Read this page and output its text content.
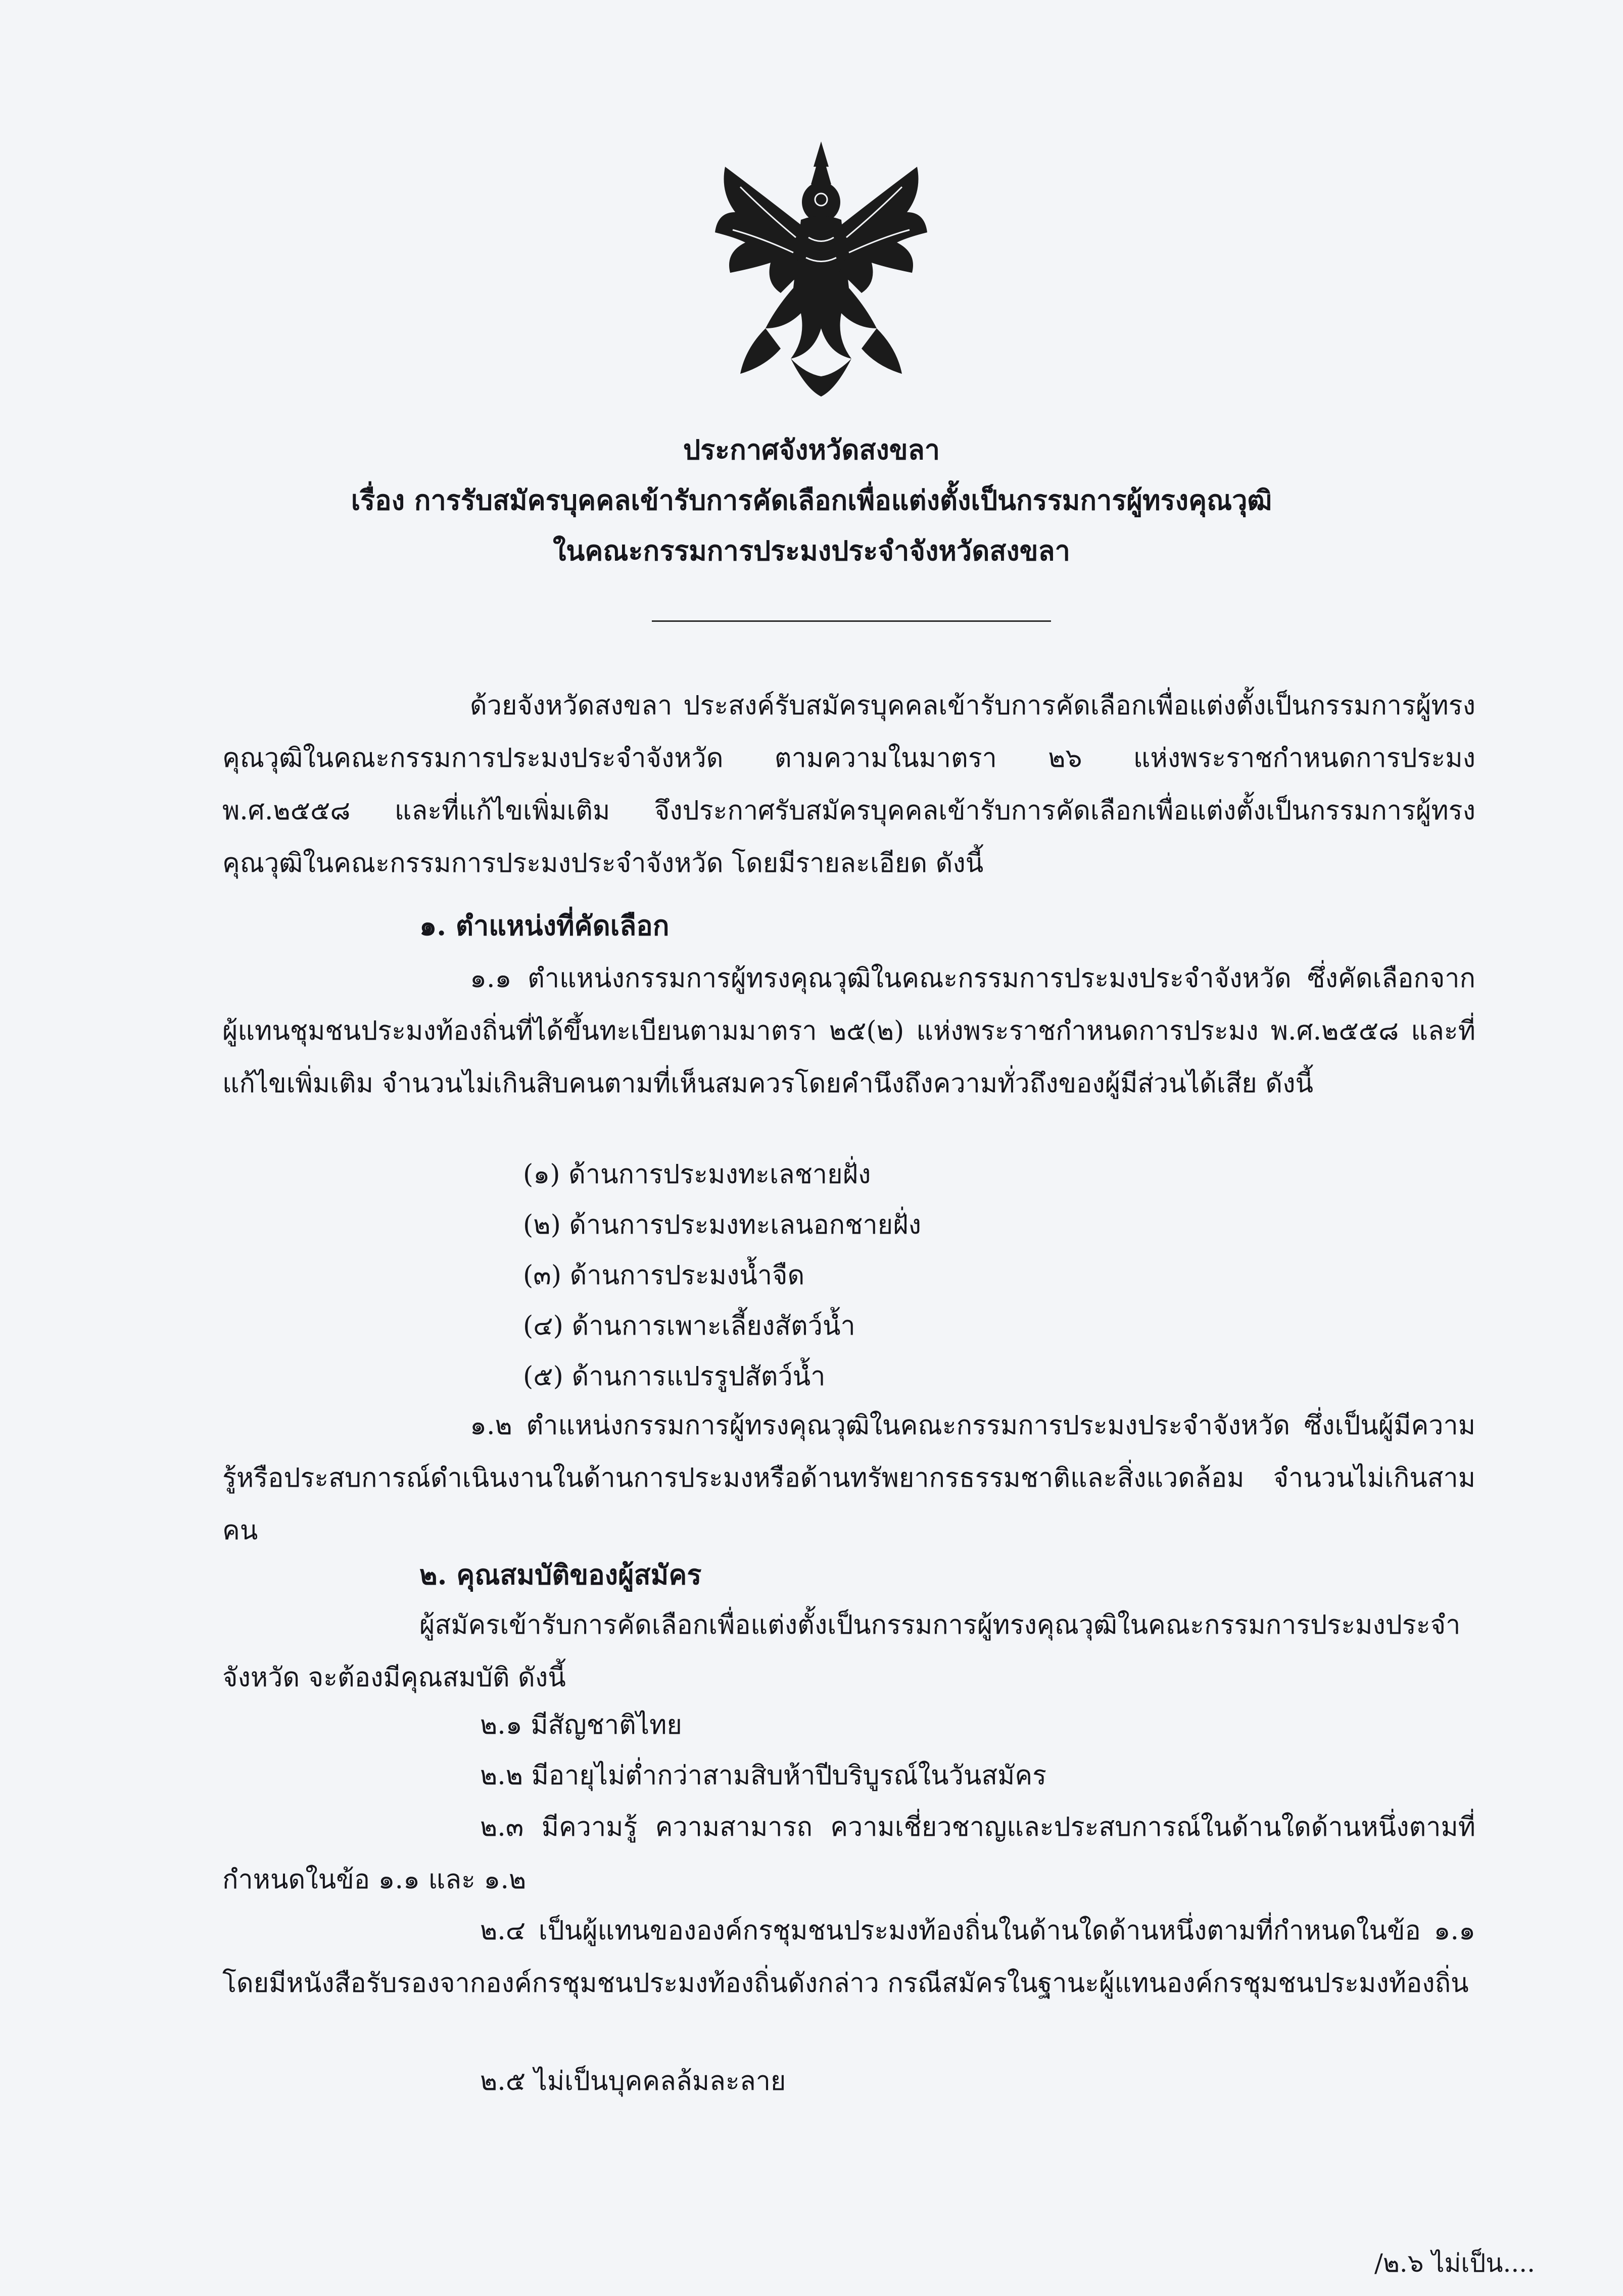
ประกาศจังหวัดสงขลา
เรื่อง การรับสมัครบุคคลเข้ารับการคัดเลือกเพื่อแต่งตั้งเป็นกรรมการผู้ทรงคุณวุฒิ
ในคณะกรรมการประมงประจำจังหวัดสงขลา
ด้วยจังหวัดสงขลา ประสงค์รับสมัครบุคคลเข้ารับการคัดเลือกเพื่อแต่งตั้งเป็นกรรมการผู้ทรงคุณวุฒิในคณะกรรมการประมงประจำจังหวัด ตามความในมาตรา ๒๖ แห่งพระราชกำหนดการประมง พ.ศ.๒๕๕๘ และที่แก้ไขเพิ่มเติม จึงประกาศรับสมัครบุคคลเข้ารับการคัดเลือกเพื่อแต่งตั้งเป็นกรรมการผู้ทรงคุณวุฒิในคณะกรรมการประมงประจำจังหวัด โดยมีรายละเอียด ดังนี้
๑. ตำแหน่งที่คัดเลือก
๑.๑ ตำแหน่งกรรมการผู้ทรงคุณวุฒิในคณะกรรมการประมงประจำจังหวัด ซึ่งคัดเลือกจากผู้แทนชุมชนประมงท้องถิ่นที่ได้ขึ้นทะเบียนตามมาตรา ๒๕(๒) แห่งพระราชกำหนดการประมง พ.ศ.๒๕๕๘ และที่แก้ไขเพิ่มเติม จำนวนไม่เกินสิบคนตามที่เห็นสมควรโดยคำนึงถึงความทั่วถึงของผู้มีส่วนได้เสีย ดังนี้
(๑) ด้านการประมงทะเลชายฝั่ง
(๒) ด้านการประมงทะเลนอกชายฝั่ง
(๓) ด้านการประมงน้ำจืด
(๔) ด้านการเพาะเลี้ยงสัตว์น้ำ
(๕) ด้านการแปรรูปสัตว์น้ำ
๑.๒ ตำแหน่งกรรมการผู้ทรงคุณวุฒิในคณะกรรมการประมงประจำจังหวัด ซึ่งเป็นผู้มีความรู้หรือประสบการณ์ดำเนินงานในด้านการประมงหรือด้านทรัพยากรธรรมชาติและสิ่งแวดล้อม จำนวนไม่เกินสามคน
๒. คุณสมบัติของผู้สมัคร
ผู้สมัครเข้ารับการคัดเลือกเพื่อแต่งตั้งเป็นกรรมการผู้ทรงคุณวุฒิในคณะกรรมการประมงประจำจังหวัด จะต้องมีคุณสมบัติ ดังนี้
๒.๑ มีสัญชาติไทย
๒.๒ มีอายุไม่ต่ำกว่าสามสิบห้าปีบริบูรณ์ในวันสมัคร
๒.๓ มีความรู้ ความสามารถ ความเชี่ยวชาญและประสบการณ์ในด้านใดด้านหนึ่งตามที่กำหนดในข้อ ๑.๑ และ ๑.๒
๒.๔ เป็นผู้แทนขององค์กรชุมชนประมงท้องถิ่นในด้านใดด้านหนึ่งตามที่กำหนดในข้อ ๑.๑ โดยมีหนังสือรับรองจากองค์กรชุมชนประมงท้องถิ่นดังกล่าว กรณีสมัครในฐานะผู้แทนองค์กรชุมชนประมงท้องถิ่น
๒.๕ ไม่เป็นบุคคลล้มละลาย
/๒.๖ ไม่เป็น....
